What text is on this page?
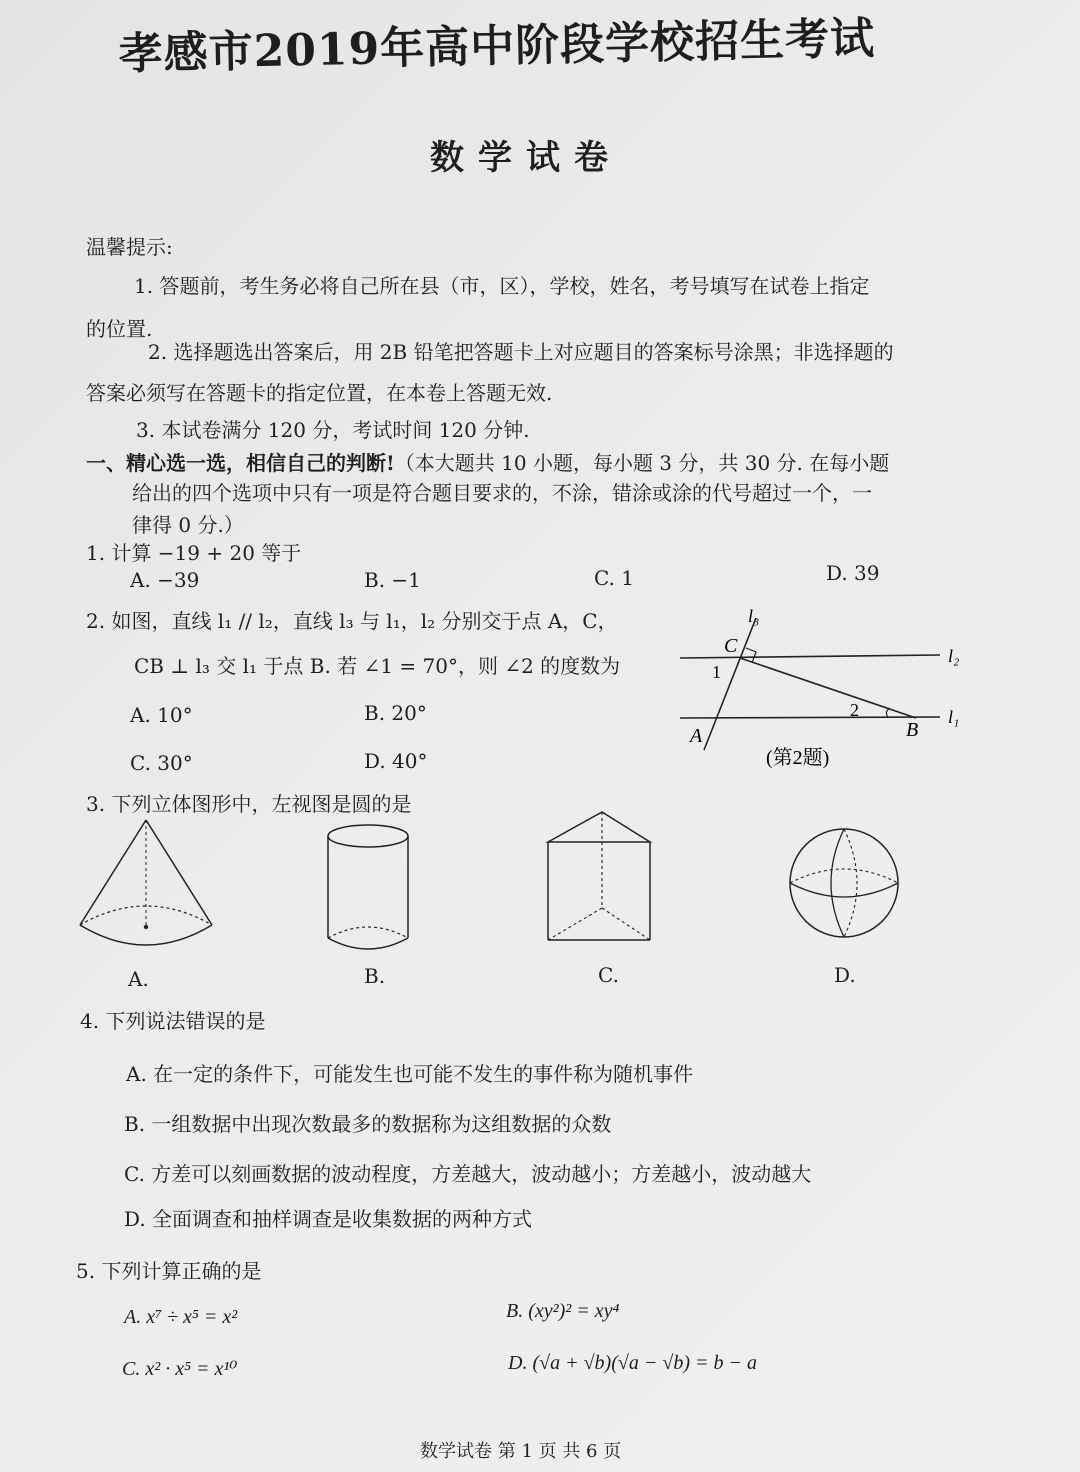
孝感市2019年高中阶段学校招生考试
数学试卷
温馨提示:
1. 答题前，考生务必将自己所在县（市，区），学校，姓名，考号填写在试卷上指定
的位置.
2. 选择题选出答案后，用 2B 铅笔把答题卡上对应题目的答案标号涂黑；非选择题的
答案必须写在答题卡的指定位置，在本卷上答题无效.
3. 本试卷满分 120 分，考试时间 120 分钟.
一、精心选一选，相信自己的判断!（本大题共 10 小题，每小题 3 分，共 30 分. 在每小题
给出的四个选项中只有一项是符合题目要求的，不涂，错涂或涂的代号超过一个，一
律得 0 分.）
1. 计算 −19 + 20 等于
A. −39	B. −1	C. 1	D. 39
2. 如图，直线 l₁ // l₂，直线 l₃ 与 l₁，l₂ 分别交于点 A，C，
CB ⊥ l₃ 交 l₁ 于点 B. 若 ∠1 = 70°，则 ∠2 的度数为
A. 10°	B. 20°
C. 30°	D. 40°
l₃
l₂
l₁
C
1
2
A	B
(第2题)
3. 下列立体图形中，左视图是圆的是
A.	B.	C.	D.
4. 下列说法错误的是
A. 在一定的条件下，可能发生也可能不发生的事件称为随机事件
B. 一组数据中出现次数最多的数据称为这组数据的众数
C. 方差可以刻画数据的波动程度，方差越大，波动越小；方差越小，波动越大
D. 全面调查和抽样调查是收集数据的两种方式
5. 下列计算正确的是
A. x⁷ ÷ x⁵ = x²	B. (xy²)² = xy⁴
C. x² · x⁵ = x¹⁰	D. (√a + √b)(√a − √b) = b − a
数学试卷 第 1 页 共 6 页
